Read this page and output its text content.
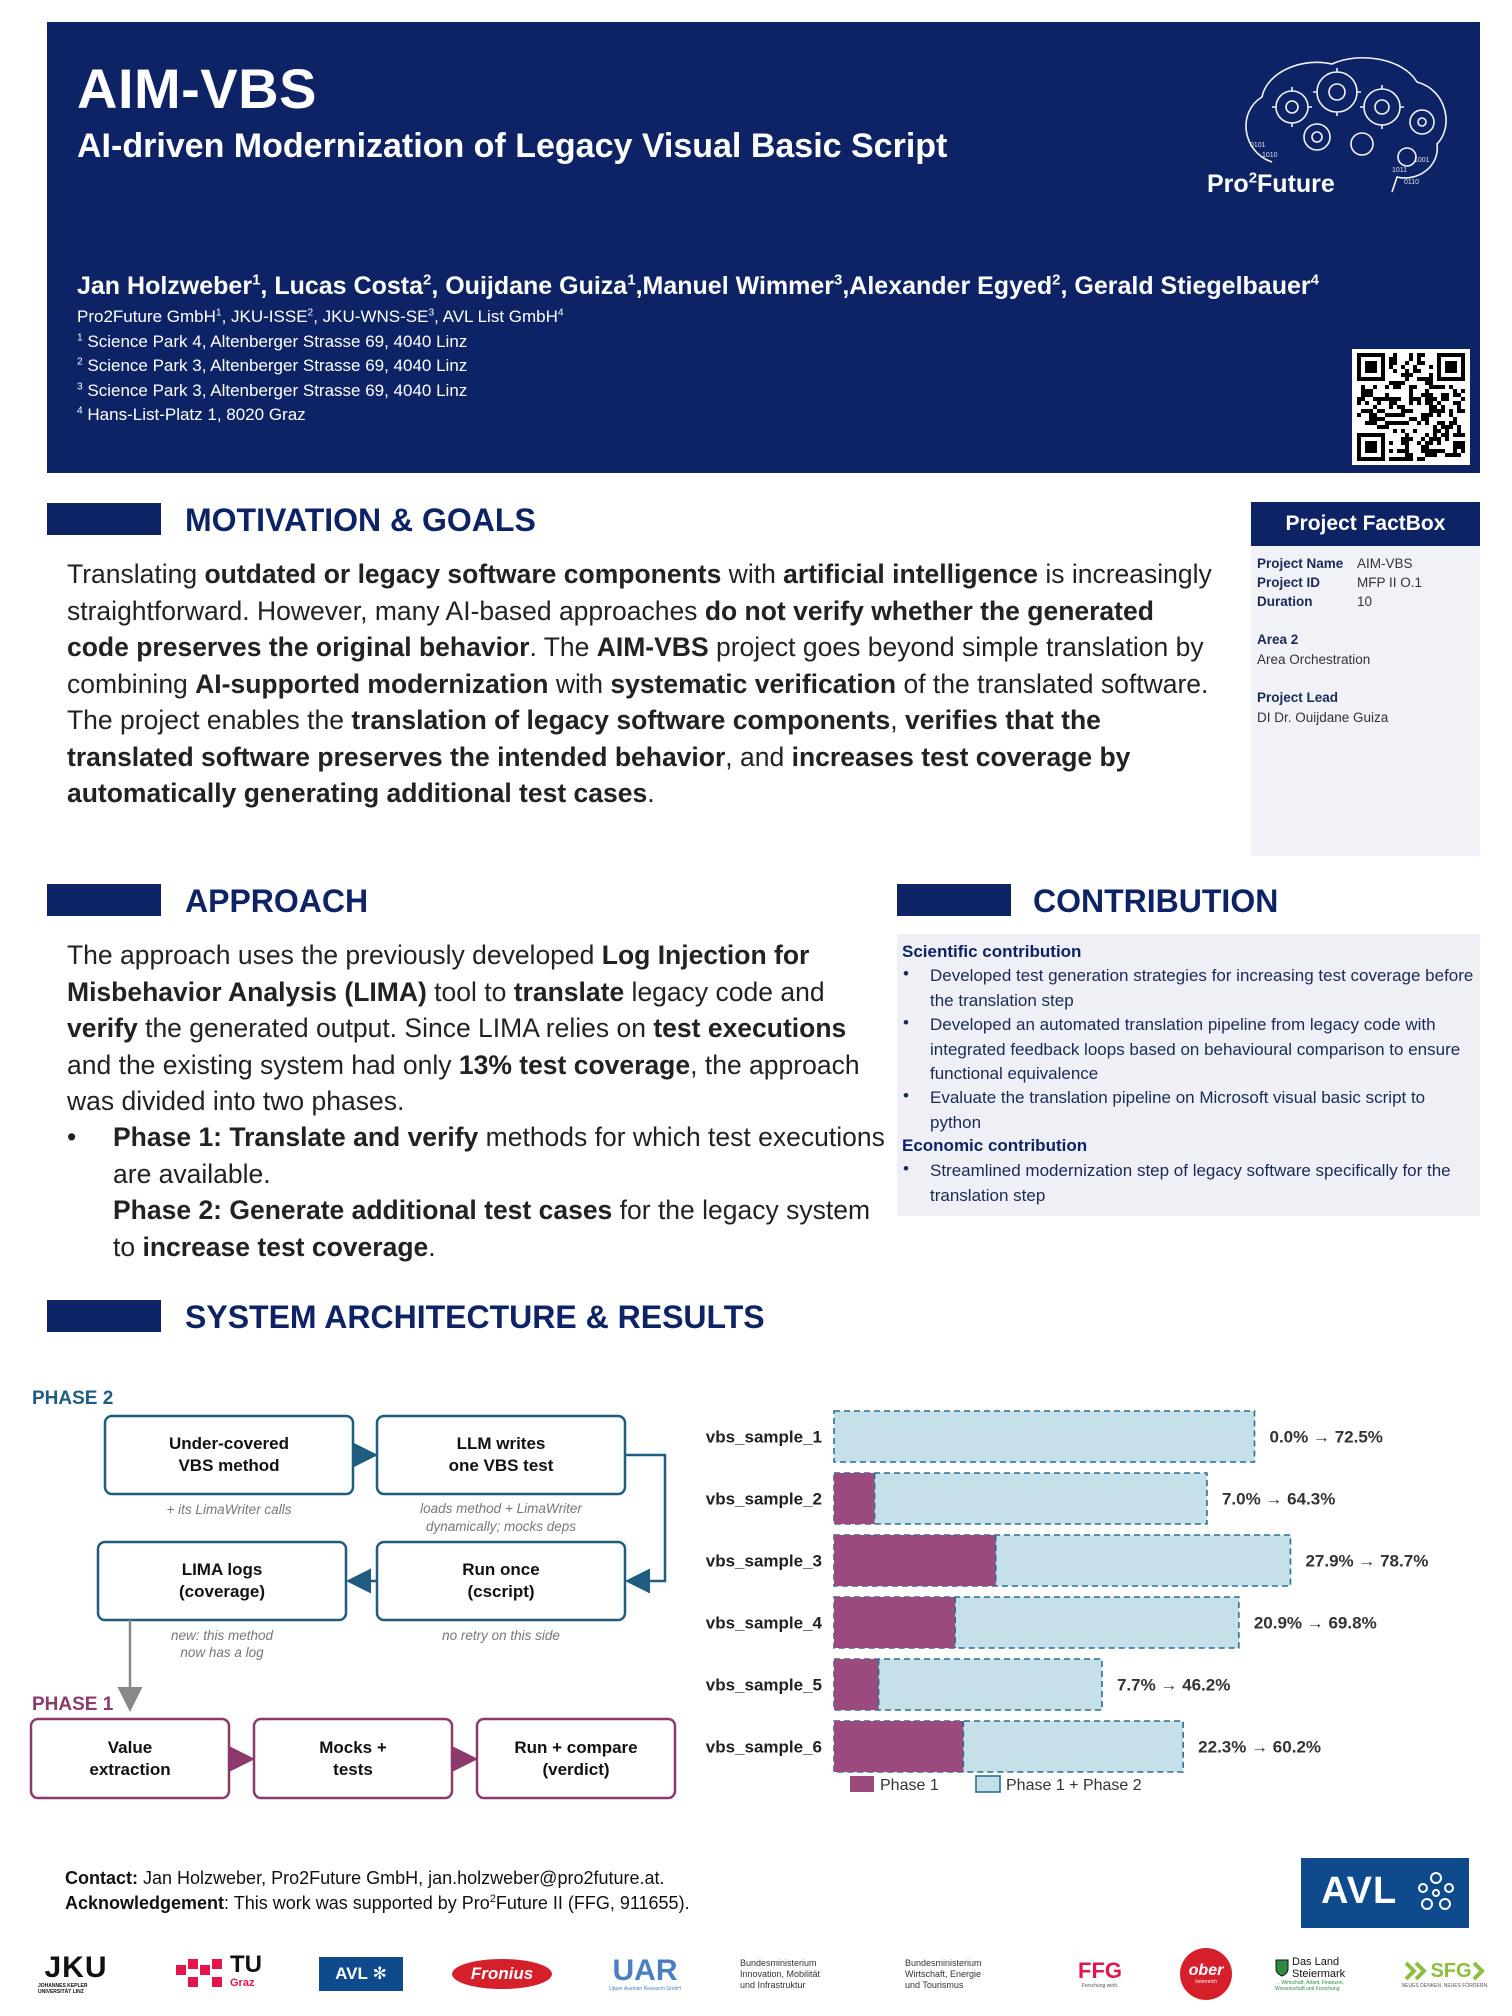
AIM-VBS
AI-driven Modernization of Legacy Visual Basic Script
Jan Holzweber$^1$, Lucas Costa$^2$, Ouijdane Guiza$^1$,Manuel Wimmer$^3$,Alexander Egyed$^2$, Gerald Stiegelbauer$^4$
Pro2Future GmbH$^1$, JKU-ISSE$^2$, JKU-$WNS-SE^3$, AVL List GmbH$^4$
$^1$ Science Park 4, Altenberger Strasse 69, 4040 Linz
$^2$ Science Park 3, Altenberger Strasse 69, 4040 Linz
$^3$ Science Park 3, Altenberger Strasse 69, 4040 Linz
$^4$ Hans-List-Platz 1, 8020 Graz
0101
1010
1011
0110
1001
Pro$^2$Future
MOTIVATION & GOALS
Translating outdated or legacy software components with artificial intelligence is increasingly straightforward. However, many AI-based approaches do not verify whether the generated code preserves the original behavior. The AIM-VBS project goes beyond simple translation by combining AI-supported modernization with systematic verification of the translated software. The project enables the translation of legacy software components, verifies that the translated software preserves the intended behavior, and increases test coverage by automatically generating additional test cases.
Project FactBox
Project Name AIM-VBS
Project ID	MFP II O.1
Duration	10
Area 2
Area Orchestration
Project Lead
DI Dr. Ouijdane Guiza
APPROACH
The approach uses the previously developed Log Injection for Misbehavior Analysis (LIMA) tool to translate legacy code and verify the generated output. Since LIMA relies on test executions and the existing system had only 13% test coverage, the approach was divided into two phases.
• Phase 1: Translate and verify methods for which test executions are available.
Phase 2: Generate additional test cases for the legacy system to increase test coverage.
CONTRIBUTION
Scientific contribution
• Developed test generation strategies for increasing test coverage before the translation step
• Developed an automated translation pipeline from legacy code with integrated feedback loops based on behavioural comparison to ensure functional equivalence
• Evaluate the translation pipeline on Microsoft visual basic script to python
Economic contribution
• Streamlined modernization step of legacy software specifically for the translation step
SYSTEM ARCHITECTURE & RESULTS
PHASE 2
Under-covered
VBS method
LLM writes
one VBS test
LIMA logs
(coverage)
Run once
(cscript)
+ its LimaWriter calls	loads method + LimaWriter
dynamically; mocks deps
new: this method
now has a log
no retry on this side
PHASE 1
Value
extraction
Mocks +
tests
Run + compare
(verdict)
vbs_sample_1	0.0% → 72.5%
vbs_sample_2	7.0% → 64.3%
vbs_sample_3	27.9% → 78.7%
vbs_sample_4	20.9% → 69.8%
vbs_sample_5	7.7% → 46.2%
vbs_sample_6	22.3% → 60.2%
Phase 1	Phase 1 + Phase 2
Contact: Jan Holzweber, Pro2Future GmbH, jan.holzweber@pro2future.at.
Acknowledgement: This work was supported by Pro$^2$Future II (FFG, 911655).	AVL
JKU
JOHANNES KEPLER UNIVERSITÄT LINZ
TU
Graz	AVL ✻	Fronius	UAR
Upper Austrian Research GmbH
Bundesministerium
Innovation, Mobilität
und Infrastruktur
Bundesministerium
Wirtschaft, Energie
und Tourismus
FFG
Forschung wirkt.
ober
österreich
Das Land
Steiermark
→ Wirtschaft, Arbeit, Finanzen, Wissenschaft und Forschung
SFG
NEUES DENKEN. NEUES FÖRDERN.
